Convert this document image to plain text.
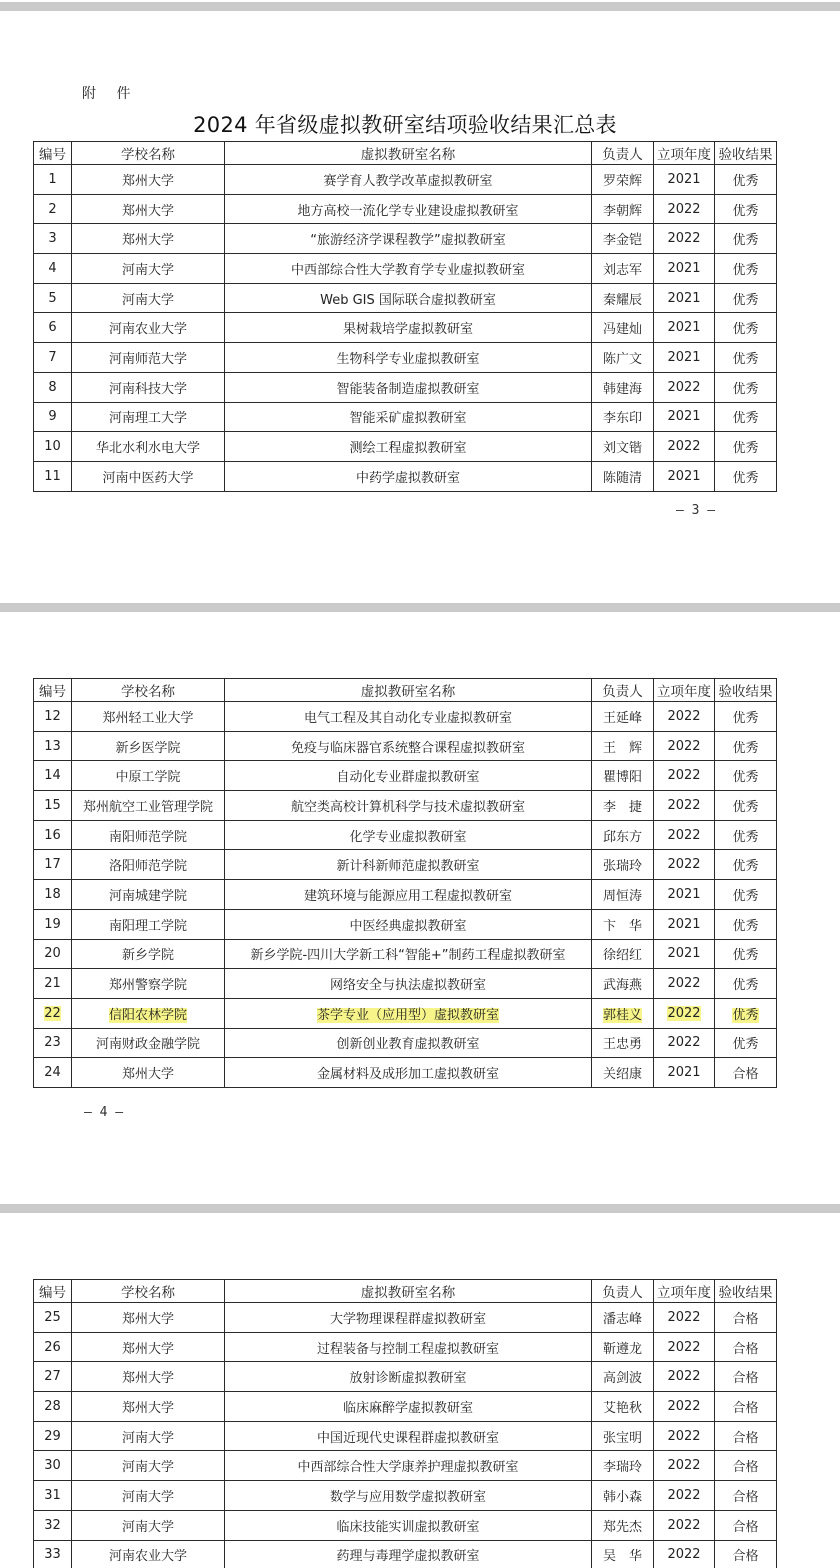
附 件
2024 年省级虚拟教研室结项验收结果汇总表
编号	学校名称	虚拟教研室名称	负责人	立项年度	验收结果
1	郑州大学	赛学育人教学改革虚拟教研室	罗荣辉	2021	优秀
2	郑州大学	地方高校一流化学专业建设虚拟教研室	李朝辉	2022	优秀
3	郑州大学	“旅游经济学课程教学”虚拟教研室	李金铠	2022	优秀
4	河南大学	中西部综合性大学教育学专业虚拟教研室	刘志军	2021	优秀
5	河南大学	Web GIS 国际联合虚拟教研室	秦耀辰	2021	优秀
6	河南农业大学	果树栽培学虚拟教研室	冯建灿	2021	优秀
7	河南师范大学	生物科学专业虚拟教研室	陈广文	2021	优秀
8	河南科技大学	智能装备制造虚拟教研室	韩建海	2022	优秀
9	河南理工大学	智能采矿虚拟教研室	李东印	2021	优秀
10	华北水利水电大学	测绘工程虚拟教研室	刘文锴	2022	优秀
11	河南中医药大学	中药学虚拟教研室	陈随清	2021	优秀
— 3 —
编号	学校名称	虚拟教研室名称	负责人	立项年度	验收结果
12	郑州轻工业大学	电气工程及其自动化专业虚拟教研室	王延峰	2022	优秀
13	新乡医学院	免疫与临床器官系统整合课程虚拟教研室	王　辉	2022	优秀
14	中原工学院	自动化专业群虚拟教研室	瞿博阳	2022	优秀
15	郑州航空工业管理学院	航空类高校计算机科学与技术虚拟教研室	李　捷	2022	优秀
16	南阳师范学院	化学专业虚拟教研室	邱东方	2022	优秀
17	洛阳师范学院	新计科新师范虚拟教研室	张瑞玲	2022	优秀
18	河南城建学院	建筑环境与能源应用工程虚拟教研室	周恒涛	2021	优秀
19	南阳理工学院	中医经典虚拟教研室	卞　华	2021	优秀
20	新乡学院	新乡学院-四川大学新工科“智能+”制药工程虚拟教研室	徐绍红	2021	优秀
21	郑州警察学院	网络安全与执法虚拟教研室	武海燕	2022	优秀
22	信阳农林学院	茶学专业（应用型）虚拟教研室	郭桂义	2022	优秀
23	河南财政金融学院	创新创业教育虚拟教研室	王忠勇	2022	优秀
24	郑州大学	金属材料及成形加工虚拟教研室	关绍康	2021	合格
— 4 —
编号	学校名称	虚拟教研室名称	负责人	立项年度	验收结果
25	郑州大学	大学物理课程群虚拟教研室	潘志峰	2022	合格
26	郑州大学	过程装备与控制工程虚拟教研室	靳遵龙	2022	合格
27	郑州大学	放射诊断虚拟教研室	高剑波	2022	合格
28	郑州大学	临床麻醉学虚拟教研室	艾艳秋	2022	合格
29	河南大学	中国近现代史课程群虚拟教研室	张宝明	2022	合格
30	河南大学	中西部综合性大学康养护理虚拟教研室	李瑞玲	2022	合格
31	河南大学	数学与应用数学虚拟教研室	韩小森	2022	合格
32	河南大学	临床技能实训虚拟教研室	郑先杰	2022	合格
33	河南农业大学	药理与毒理学虚拟教研室	吴　华	2022	合格
